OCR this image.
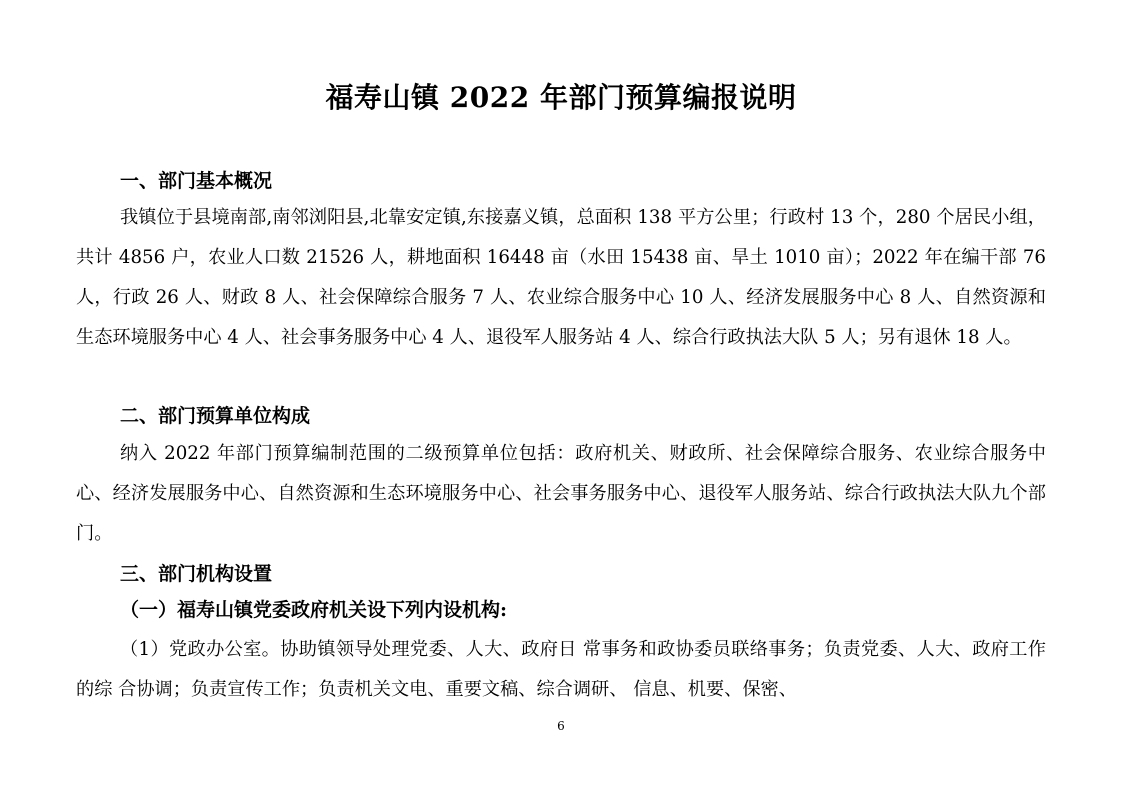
福寿山镇 2022 年部门预算编报说明
一、部门基本概况

我镇位于县境南部,南邻浏阳县,北靠安定镇,东接嘉义镇，总面积 138 平方公里；行政村 13 个，280 个居民小组，共计 4856 户，农业人口数 21526 人，耕地面积 16448 亩（水田 15438 亩、旱土 1010 亩）；2022 年在编干部 76 人，行政 26 人、财政 8 人、社会保障综合服务 7 人、农业综合服务中心 10 人、经济发展服务中心 8 人、自然资源和生态环境服务中心 4 人、社会事务服务中心 4 人、退役军人服务站 4 人、综合行政执法大队 5 人；另有退休 18 人。

二、部门预算单位构成

纳入 2022 年部门预算编制范围的二级预算单位包括：政府机关、财政所、社会保障综合服务、农业综合服务中心、经济发展服务中心、自然资源和生态环境服务中心、社会事务服务中心、退役军人服务站、综合行政执法大队九个部门。

三、部门机构设置
（一）福寿山镇党委政府机关设下列内设机构:

（1）党政办公室。协助镇领导处理党委、人大、政府日 常事务和政协委员联络事务；负责党委、人大、政府工作的综 合协调；负责宣传工作；负责机关文电、重要文稿、综合调研、 信息、机要、保密、

6
